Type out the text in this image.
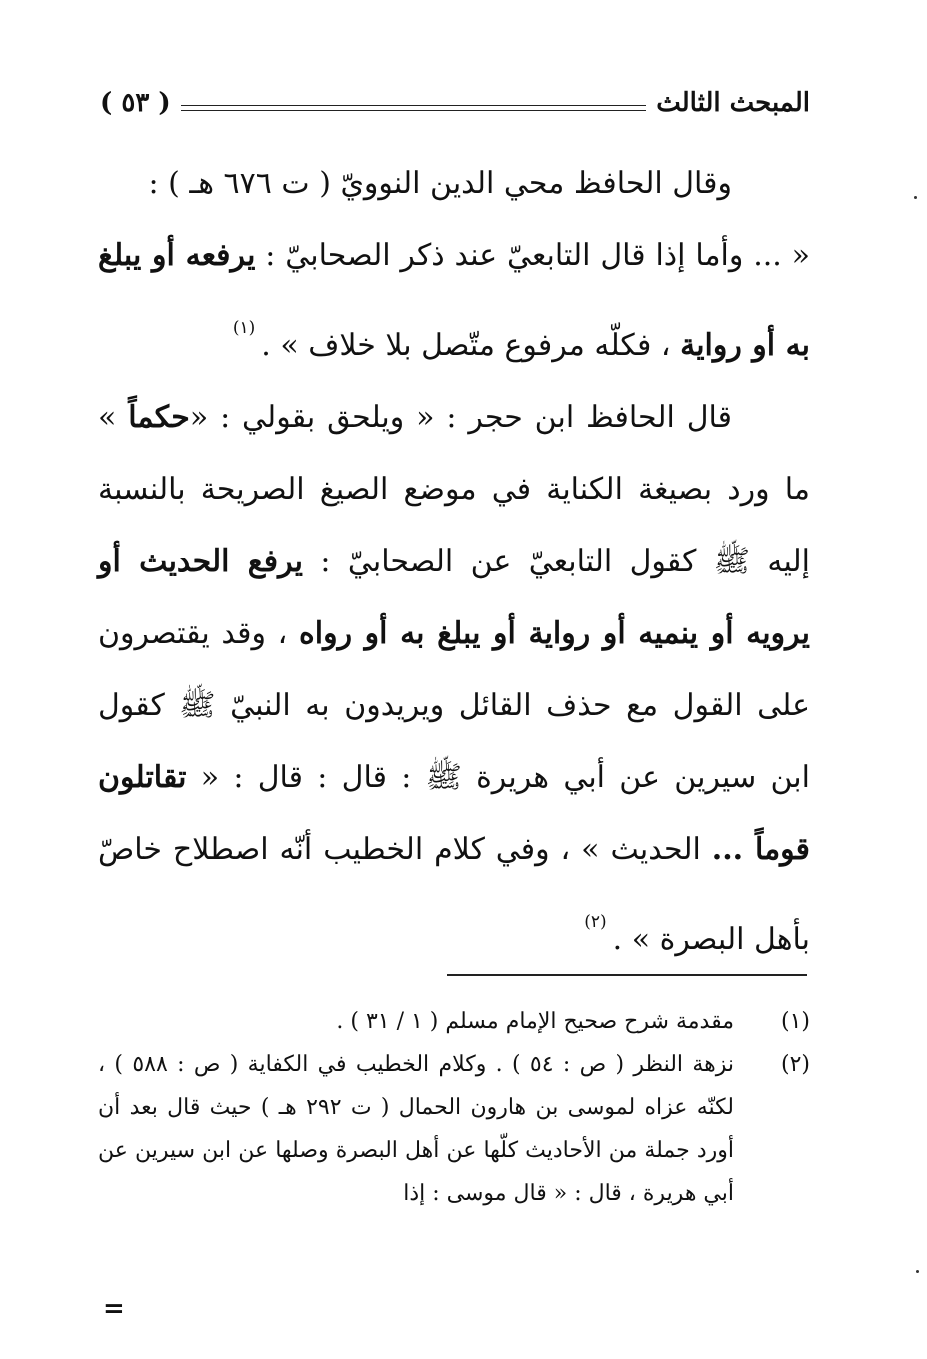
المبحث الثالث
( ٥٣ )

وقال الحافظ محي الدين النوويّ ( ت ٦٧٦ هـ ) :

« ... وأما إذا قال التابعيّ عند ذكر الصحابيّ : يرفعه أو يبلغ به أو رواية ، فكلّه مرفوع متّصل بلا خلاف » .$^{(١)}$

قال الحافظ ابن حجر : « ويلحق بقولي : «حكماً » ما ورد بصيغة الكناية في موضع الصيغ الصريحة بالنسبة إليه ﷺ كقول التابعيّ عن الصحابيّ : يرفع الحديث أو يرويه أو ينميه أو رواية أو يبلغ به أو رواه ، وقد يقتصرون على القول مع حذف القائل ويريدون به النبيّ ﷺ كقول ابن سيرين عن أبي هريرة ﷺ : قال : قال : « تقاتلون قوماً ... الحديث » ، وفي كلام الخطيب أنّه اصطلاح خاصّ بأهل البصرة » .$^{(٢)}$

(١)
مقدمة شرح صحيح الإمام مسلم ( ١ / ٣١ ) .
(٢)
نزهة النظر ( ص : ٥٤ ) . وكلام الخطيب في الكفاية ( ص : ٥٨٨ ) ، لكنّه عزاه لموسى بن هارون الحمال ( ت ٢٩٢ هـ ) حيث قال بعد أن أورد جملة من الأحاديث كلّها عن أهل البصرة وصلها عن ابن سيرين عن أبي هريرة ، قال : « قال موسى : إذا
=
